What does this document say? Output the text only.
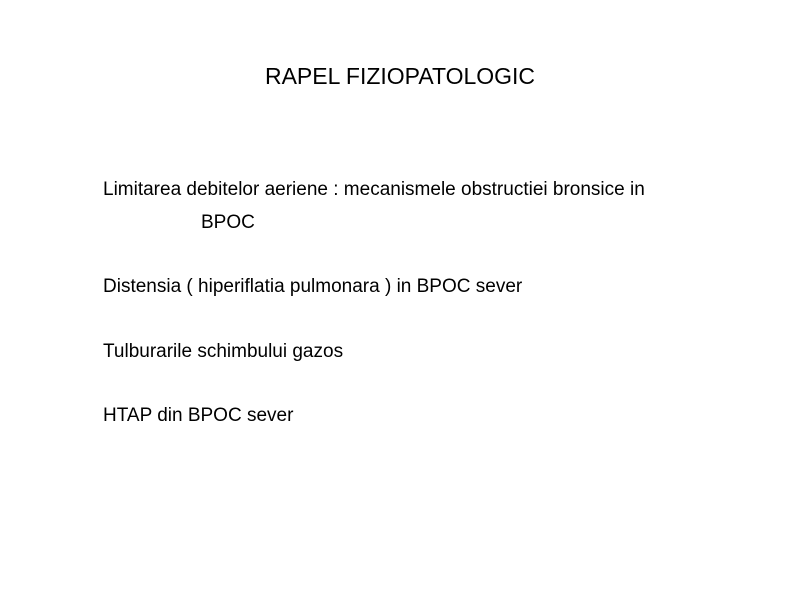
RAPEL FIZIOPATOLOGIC
Limitarea debitelor aeriene : mecanismele obstructiei bronsice in
BPOC
Distensia ( hiperiflatia pulmonara ) in BPOC sever
Tulburarile schimbului gazos
HTAP din BPOC sever
